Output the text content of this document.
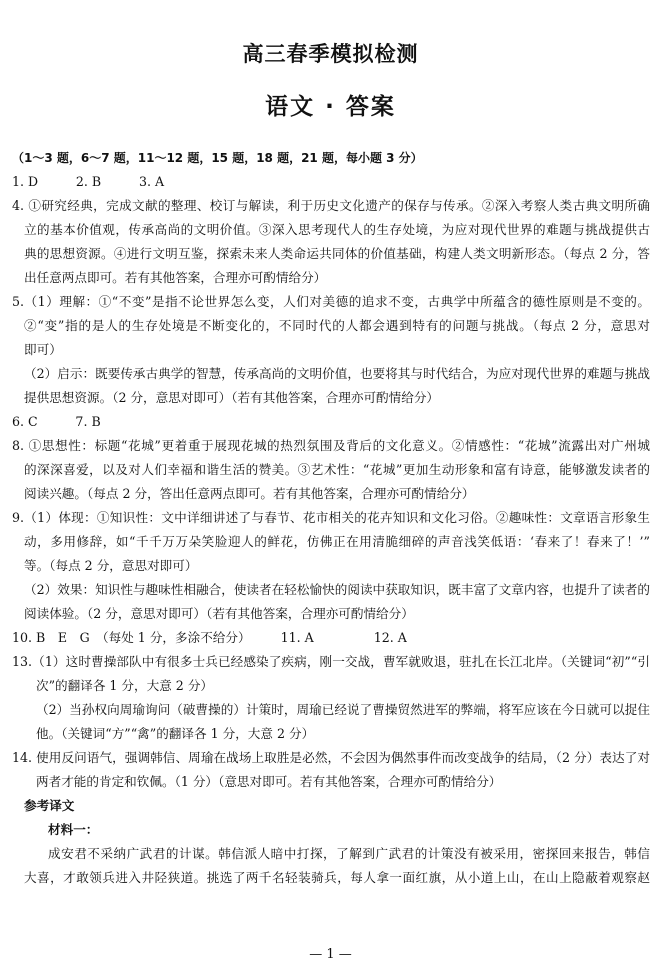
高三春季模拟检测
语文 · 答案
（1～3 题，6～7 题，11～12 题，15 题，18 题，21 题，每小题 3 分）
1. D　　　2. B　　　3. A
4. ①研究经典，完成文献的整理、校订与解读，利于历史文化遗产的保存与传承。②深入考察人类古典文明所确
立的基本价值观，传承高尚的文明价值。③深入思考现代人的生存处境，为应对现代世界的难题与挑战提供古
典的思想资源。④进行文明互鉴，探索未来人类命运共同体的价值基础，构建人类文明新形态。（每点 2 分，答
出任意两点即可。若有其他答案，合理亦可酌情给分）
5.（1）理解：①“不变”是指不论世界怎么变，人们对美德的追求不变，古典学中所蕴含的德性原则是不变的。
②“变”指的是人的生存处境是不断变化的，不同时代的人都会遇到特有的问题与挑战。（每点 2 分，意思对
即可）
（2）启示：既要传承古典学的智慧，传承高尚的文明价值，也要将其与时代结合，为应对现代世界的难题与挑战
提供思想资源。（2 分，意思对即可）（若有其他答案，合理亦可酌情给分）
6. C　　　7. B
8. ①思想性：标题“花城”更着重于展现花城的热烈氛围及背后的文化意义。②情感性：“花城”流露出对广州城
的深深喜爱，以及对人们幸福和谐生活的赞美。③艺术性：“花城”更加生动形象和富有诗意，能够激发读者的
阅读兴趣。（每点 2 分，答出任意两点即可。若有其他答案，合理亦可酌情给分）
9.（1）体现：①知识性：文中详细讲述了与春节、花市相关的花卉知识和文化习俗。②趣味性：文章语言形象生
动，多用修辞，如“千千万万朵笑脸迎人的鲜花，仿佛正在用清脆细碎的声音浅笑低语：‘春来了！春来了！’”
等。（每点 2 分，意思对即可）
（2）效果：知识性与趣味性相融合，使读者在轻松愉快的阅读中获取知识，既丰富了文章内容，也提升了读者的
阅读体验。（2 分，意思对即可）（若有其他答案，合理亦可酌情给分）
10. B　E　G　（每处 1 分，多涂不给分） 11. A	12. A
13.（1）这时曹操部队中有很多士兵已经感染了疾病，刚一交战，曹军就败退，驻扎在长江北岸。（关键词“初”“引
次”的翻译各 1 分，大意 2 分）
（2）当孙权向周瑜询问（破曹操的）计策时，周瑜已经说了曹操贸然进军的弊端，将军应该在今日就可以捉住
他。（关键词“方”“禽”的翻译各 1 分，大意 2 分）
14. 使用反问语气，强调韩信、周瑜在战场上取胜是必然，不会因为偶然事件而改变战争的结局，（2 分）表达了对
两者才能的肯定和钦佩。（1 分）（意思对即可。若有其他答案，合理亦可酌情给分）
参考译文
材料一：
成安君不采纳广武君的计谋。韩信派人暗中打探，了解到广武君的计策没有被采用，密探回来报告，韩信
大喜，才敢领兵进入井陉狭道。挑选了两千名轻装骑兵，每人拿一面红旗，从小道上山，在山上隐蔽着观察赵
— 1 —
